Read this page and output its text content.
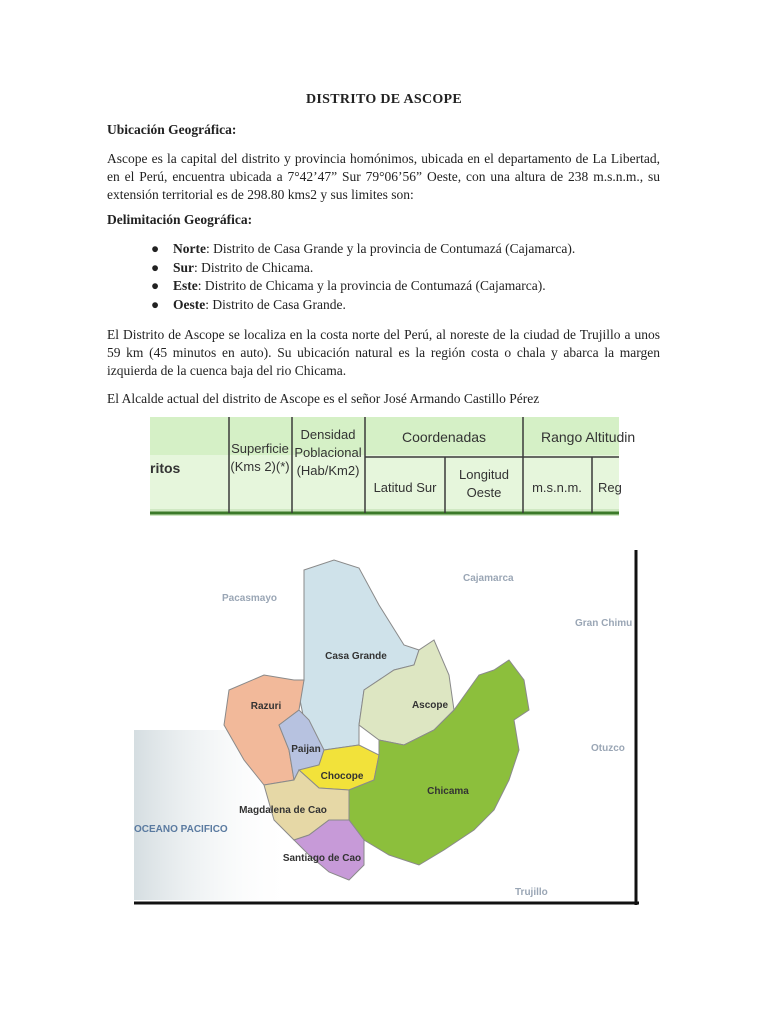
DISTRITO DE ASCOPE
Ubicación Geográfica:
Ascope es la capital del distrito y provincia homónimos, ubicada en el departamento de La Libertad, en el Perú, encuentra ubicada a 7°42’47” Sur 79°06’56” Oeste, con una altura de 238 m.s.n.m., su extensión territorial es de 298.80 kms2 y sus limites son:
Delimitación Geográfica:
● Norte: Distrito de Casa Grande y la provincia de Contumazá (Cajamarca).
● Sur: Distrito de Chicama.
● Este: Distrito de Chicama y la provincia de Contumazá (Cajamarca).
● Oeste: Distrito de Casa Grande.
El Distrito de Ascope se localiza en la costa norte del Perú, al noreste de la ciudad de Trujillo a unos 59 km (45 minutos en auto). Su ubicación natural es la región costa o chala y abarca la margen izquierda de la cuenca baja del rio Chicama.
El Alcalde actual del distrito de Ascope es el señor José Armando Castillo Pérez
ritos
Superficie
(Kms 2)(*)
Densidad
Poblacional
(Hab/Km2)
Coordenadas
Latitud Sur
Longitud
Oeste
Rango Altitudin
m.s.n.m. Reg
Casa Grande
Razuri
Paijan
Ascope
Chocope
Chicama
Magdalena de Cao
Santiago de Cao
Pacasmayo
Cajamarca
Gran Chimu
Otuzco
Trujillo
OCEANO PACIFICO
